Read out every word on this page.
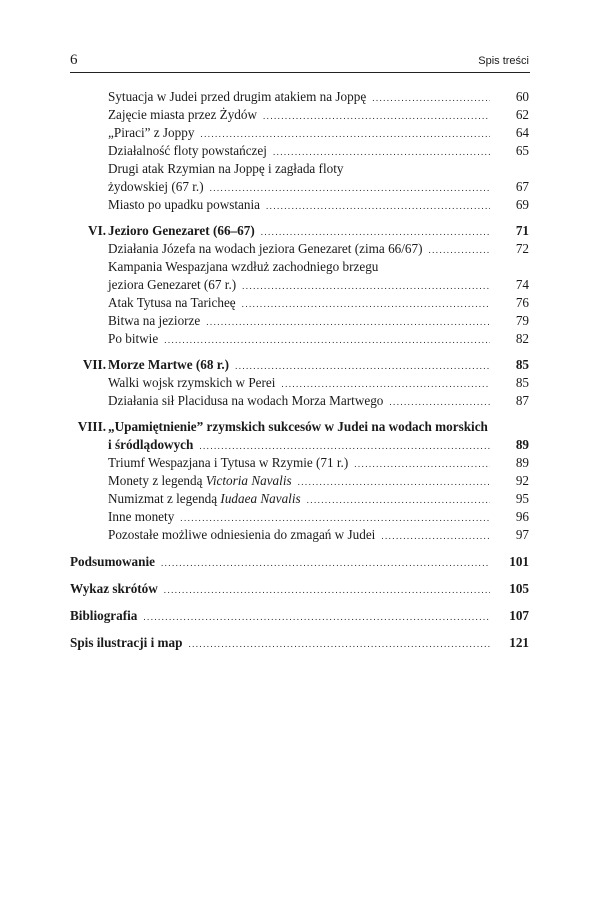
6	Spis treści
Sytuacja w Judei przed drugim atakiem na Joppę .....	60
Zajęcie miasta przez Żydów .....	62
„Piraci” z Joppy .....	64
Działalność floty powstańczej .....	65
Drugi atak Rzymian na Joppę i zagłada floty
żydowskiej (67 r.) .....	67
Miasto po upadku powstania .....	69
VI. Jezioro Genezaret (66–67) .....	71
Działania Józefa na wodach jeziora Genezaret (zima 66/67) .....	72
Kampania Wespazjana wzdłuż zachodniego brzegu
jeziora Genezaret (67 r.) .....	74
Atak Tytusa na Taricheę .....	76
Bitwa na jeziorze .....	79
Po bitwie .....	82
VII. Morze Martwe (68 r.) .....	85
Walki wojsk rzymskich w Perei .....	85
Działania sił Placidusa na wodach Morza Martwego .....	87
VIII. „Upamiętnienie” rzymskich sukcesów w Judei na wodach morskich
i śródlądowych .....	89
Triumf Wespazjana i Tytusa w Rzymie (71 r.) .....	89
Monety z legendą Victoria Navalis .....	92
Numizmat z legendą Iudaea Navalis .....	95
Inne monety .....	96
Pozostałe możliwe odniesienia do zmagań w Judei .....	97
Podsumowanie .....	101
Wykaz skrótów .....	105
Bibliografia .....	107
Spis ilustracji i map .....	121
